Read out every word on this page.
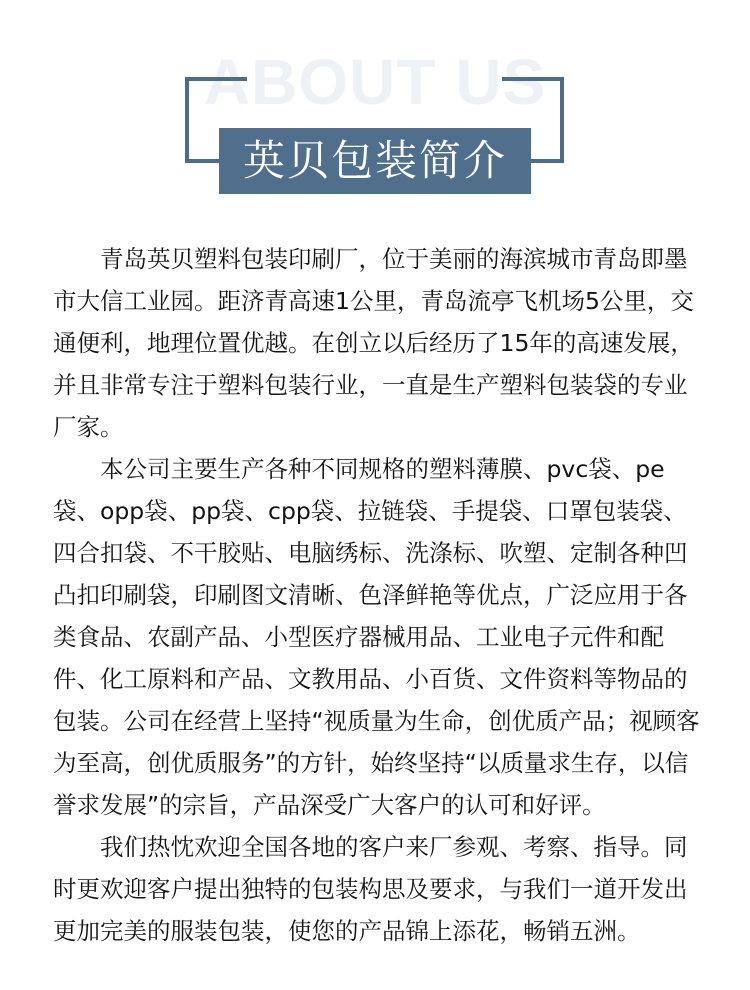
ABOUT US
英贝包装简介

青岛英贝塑料包装印刷厂，位于美丽的海滨城市青岛即墨市大信工业园。距济青高速1公里，青岛流亭飞机场5公里，交通便利，地理位置优越。在创立以后经历了15年的高速发展，并且非常专注于塑料包装行业，一直是生产塑料包装袋的专业厂家。

本公司主要生产各种不同规格的塑料薄膜、pvc袋、pe袋、opp袋、pp袋、cpp袋、拉链袋、手提袋、口罩包装袋、四合扣袋、不干胶贴、电脑绣标、洗涤标、吹塑、定制各种凹凸扣印刷袋，印刷图文清晰、色泽鲜艳等优点，广泛应用于各类食品、农副产品、小型医疗器械用品、工业电子元件和配件、化工原料和产品、文教用品、小百货、文件资料等物品的包装。公司在经营上坚持“视质量为生命，创优质产品；视顾客为至高，创优质服务”的方针，始终坚持“以质量求生存，以信誉求发展”的宗旨，产品深受广大客户的认可和好评。

我们热忱欢迎全国各地的客户来厂参观、考察、指导。同时更欢迎客户提出独特的包装构思及要求，与我们一道开发出更加完美的服装包装，使您的产品锦上添花，畅销五洲。
